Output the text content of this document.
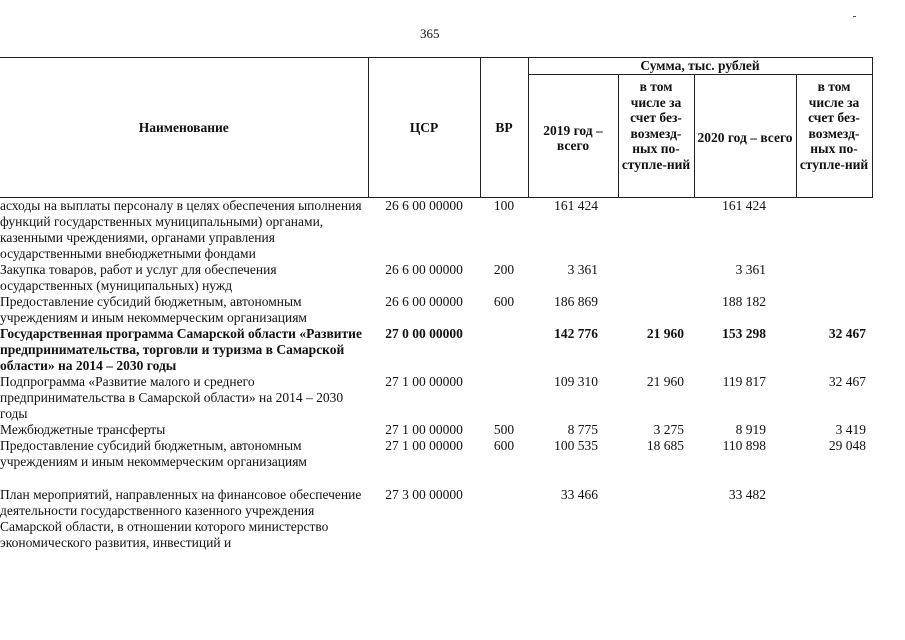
365
Наименование	ЦСР	ВР	Сумма, тыс. рублей			
			2019 год – всего	в том числе за счет без-возмезд-ных по-ступле-ний	2020 год – всего	в том числе за счет без-возмезд-ных по-ступле-ний
асходы на выплаты персоналу в целях обеспечения ыполнения функций государственных муниципальными) органами, казенными чреждениями, органами управления осударственными внебюджетными фондами	26 6 00 00000	100	161 424		161 424	
Закупка товаров, работ и услуг для обеспечения осударственных (муниципальных) нужд	26 6 00 00000	200	3 361		3 361	
Предоставление субсидий бюджетным, автономным учреждениям и иным некоммерческим организациям	26 6 00 00000	600	186 869		188 182	
Государственная программа Самарской области «Развитие предпринимательства, торговли и туризма в Самарской области» на 2014 – 2030 годы	27 0 00 00000		142 776	21 960	153 298	32 467
Подпрограмма «Развитие малого и среднего предпринимательства в Самарской области» на 2014 – 2030 годы	27 1 00 00000		109 310	21 960	119 817	32 467
Межбюджетные трансферты	27 1 00 00000	500	8 775	3 275	8 919	3 419
Предоставление субсидий бюджетным, автономным учреждениям и иным некоммерческим организациям	27 1 00 00000	600	100 535	18 685	110 898	29 048
План мероприятий, направленных на финансовое обеспечение деятельности государственного казенного учреждения Самарской области, в отношении которого министерство экономического развития, инвестиций и	27 3 00 00000		33 466		33 482	
